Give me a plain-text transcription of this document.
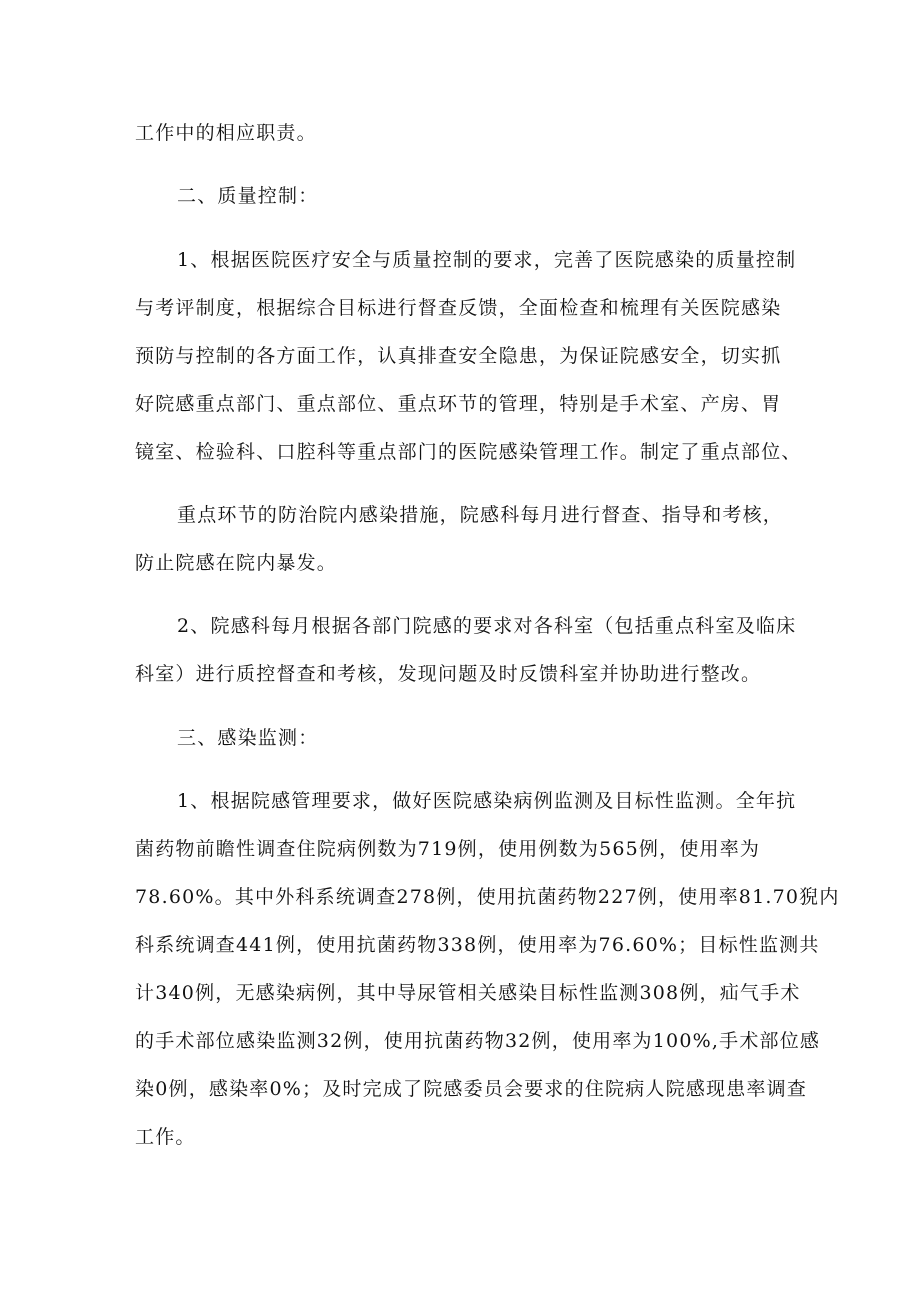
工作中的相应职责。
二、质量控制：
1、根据医院医疗安全与质量控制的要求，完善了医院感染的质量控制
与考评制度，根据综合目标进行督查反馈，全面检查和梳理有关医院感染
预防与控制的各方面工作，认真排查安全隐患，为保证院感安全，切实抓
好院感重点部门、重点部位、重点环节的管理，特别是手术室、产房、胃
镜室、检验科、口腔科等重点部门的医院感染管理工作。制定了重点部位、
重点环节的防治院内感染措施，院感科每月进行督查、指导和考核，
防止院感在院内暴发。
2、院感科每月根据各部门院感的要求对各科室（包括重点科室及临床
科室）进行质控督查和考核，发现问题及时反馈科室并协助进行整改。
三、感染监测：
1、根据院感管理要求，做好医院感染病例监测及目标性监测。全年抗
菌药物前瞻性调查住院病例数为719例，使用例数为565例，使用率为
78.60%。其中外科系统调查278例，使用抗菌药物227例，使用率81.70猊内
科系统调查441例，使用抗菌药物338例，使用率为76.60%；目标性监测共
计340例，无感染病例，其中导尿管相关感染目标性监测308例，疝气手术
的手术部位感染监测32例，使用抗菌药物32例，使用率为100%,手术部位感
染0例，感染率0%；及时完成了院感委员会要求的住院病人院感现患率调查
工作。
